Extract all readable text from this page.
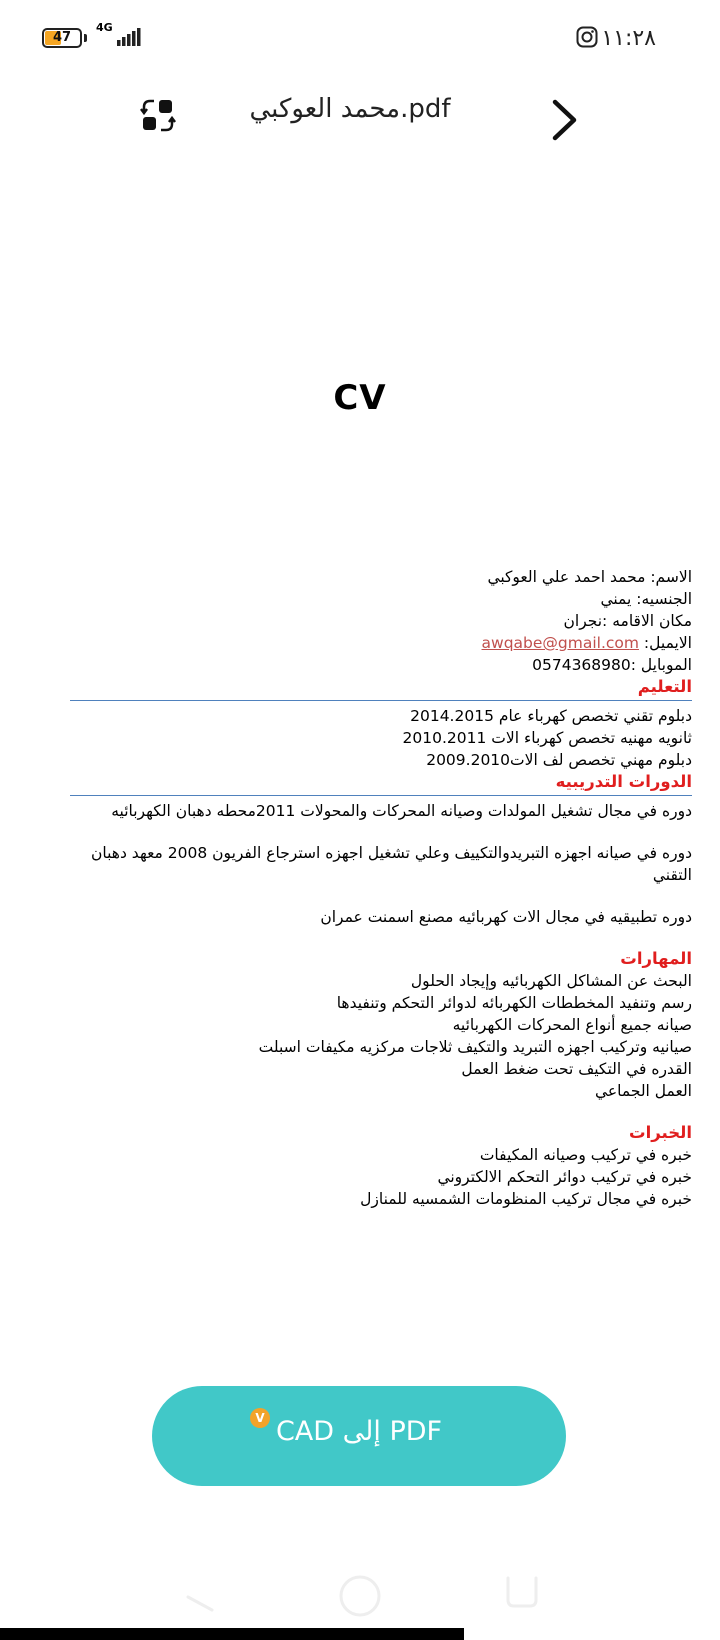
47
4G	١١:٢٨
محمد العوكبي.pdf
CV
الاسم: محمد احمد علي العوكبي
الجنسيه: يمني
مكان الاقامه :نجران
الايميل: awqabe@gmail.com
الموبايل :0574368980
التعليم
دبلوم تقني تخصص كهرباء عام 2014.2015
ثانويه مهنيه تخصص كهرباء الات 2010.2011
دبلوم مهني تخصص لف الات2009.2010
الدورات التدريبيه
دوره في مجال تشغيل المولدات وصيانه المحركات والمحولات 2011محطه دهبان الكهربائيه
دوره في صيانه اجهزه التبريدوالتكييف وعلي تشغيل اجهزه استرجاع الفريون 2008 معهد دهبان التقني
دوره تطبيقيه في مجال الات كهربائيه مصنع اسمنت عمران
المهارات
البحث عن المشاكل الكهربائيه وإيجاد الحلول
رسم وتنفيد المخططات الكهربائه لدوائر التحكم وتنفيدها
صيانه جميع أنواع المحركات الكهربائيه
صيانيه وتركيب اجهزه التبريد والتكيف ثلاجات مركزيه مكيفات اسبلت
القدره في التكيف تحت ضغط العمل
العمل الجماعي
الخبرات
خبره في تركيب وصيانه المكيفات
خبره في تركيب دوائر التحكم الالكتروني
خبره في مجال تركيب المنظومات الشمسيه للمنازل
CAD إلى PDF
V
